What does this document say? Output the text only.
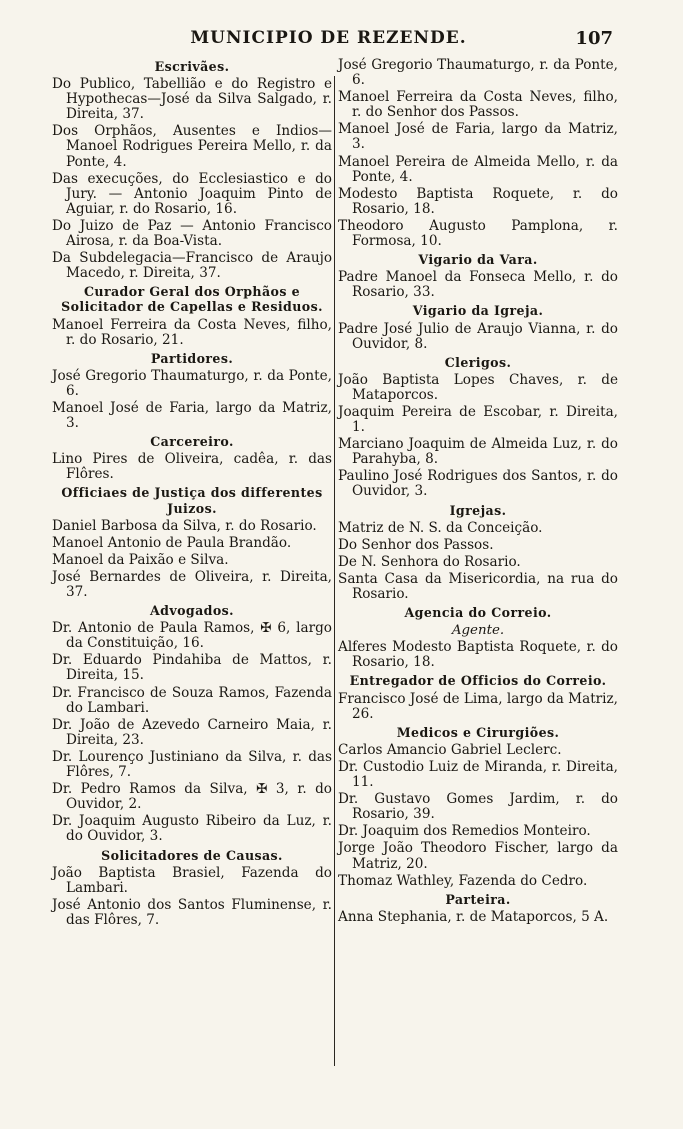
MUNICIPIO DE REZENDE.	107
Escrivães.
Do Publico, Tabellião e do Registro e Hypothecas—José da Silva Salgado, r. Direita, 37.
Dos Orphãos, Ausentes e Indios—Manoel Rodrigues Pereira Mello, r. da Ponte, 4.
Das execuções, do Ecclesiastico e do Jury. — Antonio Joaquim Pinto de Aguiar, r. do Rosario, 16.
Do Juizo de Paz — Antonio Francisco Airosa, r. da Boa-Vista.
Da Subdelegacia—Francisco de Araujo Macedo, r. Direita, 37.
Curador Geral dos Orphãos e Solicitador de Capellas e Residuos.
Manoel Ferreira da Costa Neves, filho, r. do Rosario, 21.
Partidores.
José Gregorio Thaumaturgo, r. da Ponte, 6.
Manoel José de Faria, largo da Matriz, 3.
Carcereiro.
Lino Pires de Oliveira, cadêa, r. das Flôres.
Officiaes de Justiça dos differentes Juizos.
Daniel Barbosa da Silva, r. do Rosario.
Manoel Antonio de Paula Brandão.
Manoel da Paixão e Silva.
José Bernardes de Oliveira, r. Direita, 37.
Advogados.
Dr. Antonio de Paula Ramos, ✠ 6, largo da Constituição, 16.
Dr. Eduardo Pindahiba de Mattos, r. Direita, 15.
Dr. Francisco de Souza Ramos, Fazenda do Lambari.
Dr. João de Azevedo Carneiro Maia, r. Direita, 23.
Dr. Lourenço Justiniano da Silva, r. das Flôres, 7.
Dr. Pedro Ramos da Silva, ✠ 3, r. do Ouvidor, 2.
Dr. Joaquim Augusto Ribeiro da Luz, r. do Ouvidor, 3.
Solicitadores de Causas.
João Baptista Brasiel, Fazenda do Lambari.
José Antonio dos Santos Fluminense, r. das Flôres, 7.
José Gregorio Thaumaturgo, r. da Ponte, 6.
Manoel Ferreira da Costa Neves, filho, r. do Senhor dos Passos.
Manoel José de Faria, largo da Matriz, 3.
Manoel Pereira de Almeida Mello, r. da Ponte, 4.
Modesto Baptista Roquete, r. do Rosario, 18.
Theodoro Augusto Pamplona, r. Formosa, 10.
Vigario da Vara.
Padre Manoel da Fonseca Mello, r. do Rosario, 33.
Vigario da Igreja.
Padre José Julio de Araujo Vianna, r. do Ouvidor, 8.
Clerigos.
João Baptista Lopes Chaves, r. de Mataporcos.
Joaquim Pereira de Escobar, r. Direita, 1.
Marciano Joaquim de Almeida Luz, r. do Parahyba, 8.
Paulino José Rodrigues dos Santos, r. do Ouvidor, 3.
Igrejas.
Matriz de N. S. da Conceição.
Do Senhor dos Passos.
De N. Senhora do Rosario.
Santa Casa da Misericordia, na rua do Rosario.
Agencia do Correio.
Agente.
Alferes Modesto Baptista Roquete, r. do Rosario, 18.
Entregador de Officios do Correio.
Francisco José de Lima, largo da Matriz, 26.
Medicos e Cirurgiões.
Carlos Amancio Gabriel Leclerc.
Dr. Custodio Luiz de Miranda, r. Direita, 11.
Dr. Gustavo Gomes Jardim, r. do Rosario, 39.
Dr. Joaquim dos Remedios Monteiro.
Jorge João Theodoro Fischer, largo da Matriz, 20.
Thomaz Wathley, Fazenda do Cedro.
Parteira.
Anna Stephania, r. de Mataporcos, 5 A.
